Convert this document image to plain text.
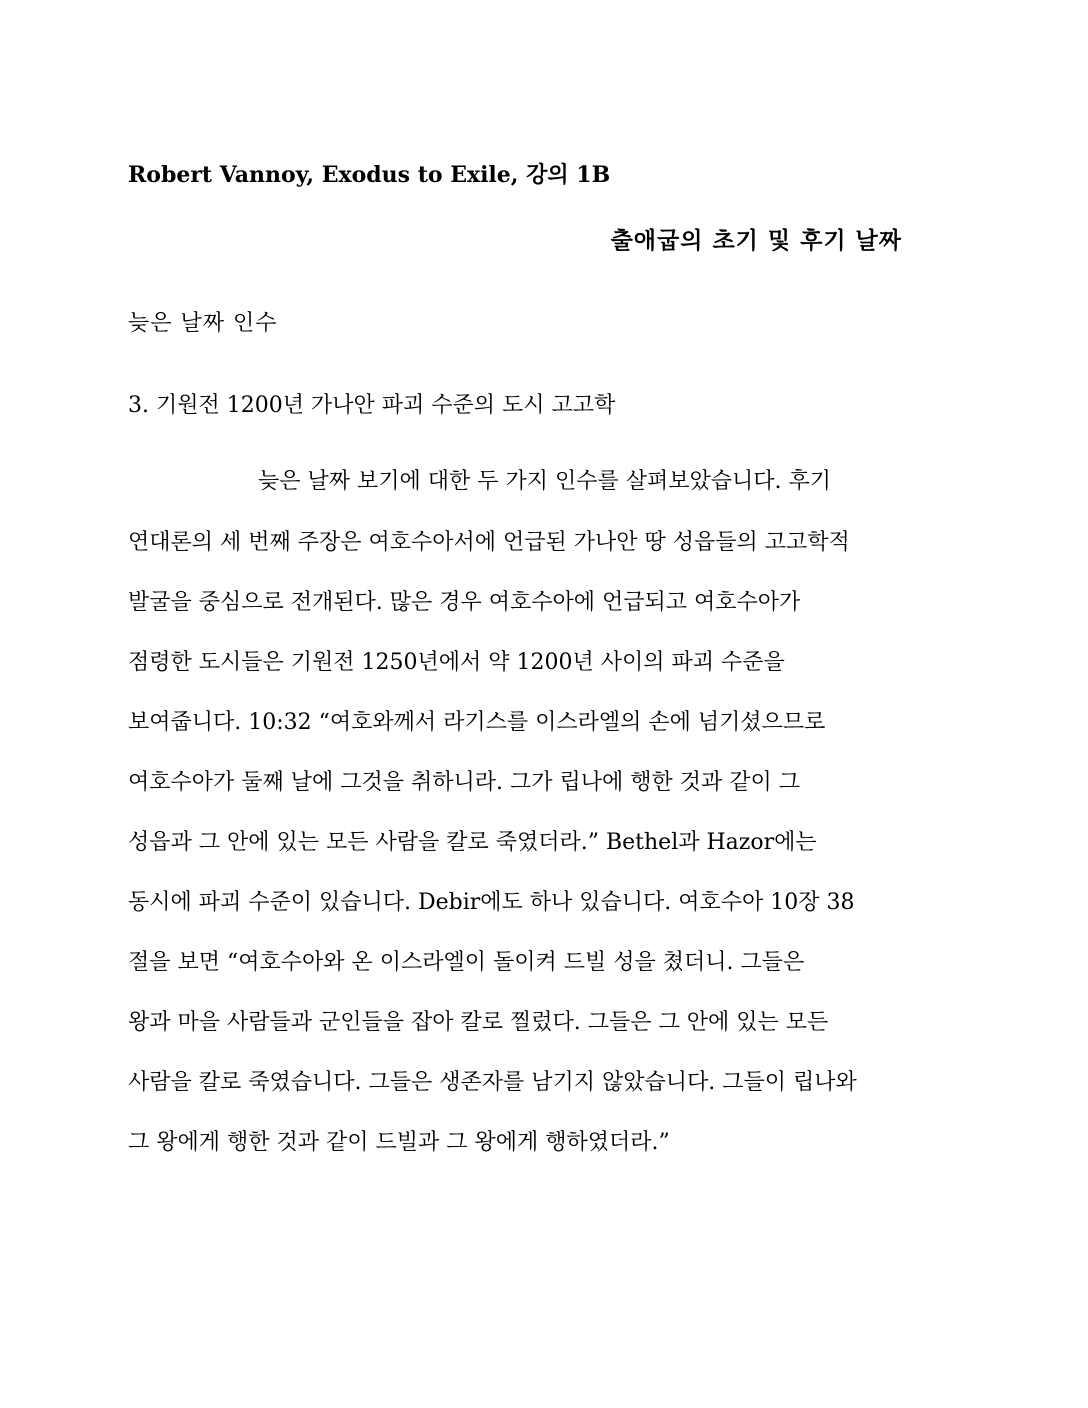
Robert Vannoy, Exodus to Exile, 강의 1B
출애굽의 초기 및 후기 날짜
늦은 날짜 인수
3. 기원전 1200년 가나안 파괴 수준의 도시 고고학
늦은 날짜 보기에 대한 두 가지 인수를 살펴보았습니다. 후기
연대론의 세 번째 주장은 여호수아서에 언급된 가나안 땅 성읍들의 고고학적
발굴을 중심으로 전개된다. 많은 경우 여호수아에 언급되고 여호수아가
점령한 도시들은 기원전 1250년에서 약 1200년 사이의 파괴 수준을
보여줍니다. 10:32 “여호와께서 라기스를 이스라엘의 손에 넘기셨으므로
여호수아가 둘째 날에 그것을 취하니라. 그가 립나에 행한 것과 같이 그
성읍과 그 안에 있는 모든 사람을 칼로 죽였더라.” Bethel과 Hazor에는
동시에 파괴 수준이 있습니다. Debir에도 하나 있습니다. 여호수아 10장 38
절을 보면 “여호수아와 온 이스라엘이 돌이켜 드빌 성을 쳤더니. 그들은
왕과 마을 사람들과 군인들을 잡아 칼로 찔렀다. 그들은 그 안에 있는 모든
사람을 칼로 죽였습니다. 그들은 생존자를 남기지 않았습니다. 그들이 립나와
그 왕에게 행한 것과 같이 드빌과 그 왕에게 행하였더라.”
